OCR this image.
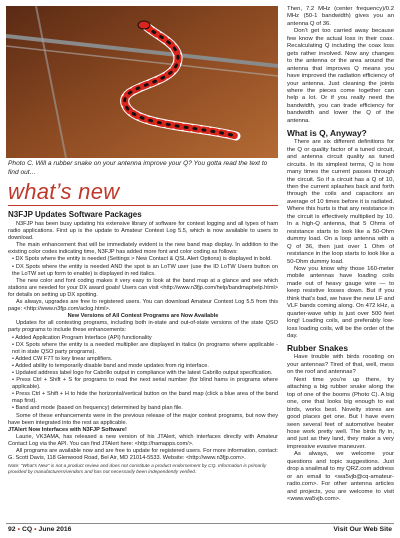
Photo C. Will a rubber snake on your antenna improve your Q? You gotta read the text to find out…
what’s new
N3FJP Updates Software Packages

N3FJP has been busy updating his extensive library of software for contest logging and all types of ham radio applications. First up is the update to Amateur Contest Log 5.5, which is now available to users to download.

The main enhancement that will be immediately evident is the new band map display. In addition to the existing color codes indicating time, N3FJP has added more font and color coding as follows:

• DX Spots where the entity is needed (Settings > New Contact & QSL Alert Options) is displayed in bold.

• DX Spots where the entity is needed AND the spot is an LoTW user (use the ID LoTW Users button on the LoTW set up form to enable) is displayed in red italics.

The new color and font coding makes it very easy to look at the band map at a glance and see which stations are needed for your DX award goals! Users can visit <http://www.n3fjp.com/help/bandmaphelp.html> for details on setting up DX spotting.

As always, upgrades are free to registered users. You can download Amateur Contest Log 5.5 from this page: <http://www.n3fjp.com/aclog.html>.

New Versions of All Contest Programs are Now Available

Updates for all contesting programs, including both in-state and out-of-state versions of the state QSO party programs to include these enhancements:

• Added Application Program Interface (API) functionality

• DX Spots where the entity is a needed multiplier are displayed in italics (in programs where applicable - not in state QSO party programs).

• Added CW F7T to key linear amplifiers.

• Added ability to temporarily disable band and mode updates from rig interface.

• Updated address label logo for Cabrillo output in compliance with the latest Cabrillo output specification.

• Press Ctrl + Shift + S for programs to read the next serial number (for blind hams in programs where applicable).

• Press Ctrl + Shift + H to hide the horizontal/vertical button on the band map (click a blue area of the band map first).

• Band and mode (based on frequency) determined by band plan file.

Some of these enhancements were in the previous release of the major contest programs, but now they have been integrated into the rest as applicable.

JTAlert Now Interfaces with N3FJP Software!

Laurie, VK3AMA, has released a new version of his JTAlert, which interfaces directly with Amateur Contact Log via the API. You can find JTAlert here: <http://hamapps.com/>.

All programs are available now and are free to update for registered users. For more information, contact: G. Scott Davis, 118 Glenwood Road, Bel Air, MD 21014-5533. Website: <http://www.n3fjp.com>.

Note: “What’s New” is not a product review and does not constitute a product endorsement by CQ. Information is primarily provided by manufacturers/vendors and has not necessarily been independently verified.

Then, 7.2 MHz (center frequency)/0.2 MHz (50-1 bandwidth) gives you an antenna Q of 36.

Don’t get too carried away because few know the actual loss in their coax. Recalculating Q including the coax loss gets rather involved. Now any changes to the antenna or the area around the antenna that improves Q means you have improved the radiation efficiency of your antenna. Just cleaning the joints where the pieces come together can help a lot. Or if you really need the bandwidth, you can trade efficiency for bandwidth and lower the Q of the antenna.

What is Q, Anyway?

There are six different definitions for the Q or quality factor of a tuned circuit, and antenna circuit quality as tuned circuits. In its simplest terms, Q is how many times the current passes through the circuit. So if a circuit has a Q of 10, then the current splashes back and forth through the coils and capacitors an average of 10 times before it is radiated. Where this hurts is that any resistance in the circuit is effectively multiplied by 10. In a high-Q antenna, that 5 Ohms of resistance starts to look like a 50-Ohm dummy load. On a loop antenna with a Q of 36, then just over 1 Ohm of resistance in the loop starts to look like a 50-Ohm dummy load.

Now you know why those 160-meter mobile antennas have loading coils made out of heavy gauge wire — to keep resistive losses down. But if you think that’s bad, we have the new LF and VLF bands coming along. On 472 kHz, a quarter-wave whip is just over 500 feet long! Loading coils, and preferably low-loss loading coils, will be the order of the day.

Rubber Snakes

Have trouble with birds roosting on your antennas? Tired of that, well, mess on the roof and antennas?

Next time you’re up there, try attaching a big rubber snake along the top of one of the booms (Photo C). A big one, one that looks big enough to eat birds, works best. Novelty stores are good places get one. But I have even seen several feet of automotive heater hose work pretty well. The birds fly in, and just as they land, they make a very impressive evasive maneuver.

As always, we welcome your questions and topic suggestions. Just drop a snailmail to my QRZ.com address or an email to <wa5vjb@cq-amateur-radio.com>. For other antenna articles and projects, you are welcome to visit <www.wa5vjb.com>.

92 • CQ • June 2016	Visit Our Web Site
